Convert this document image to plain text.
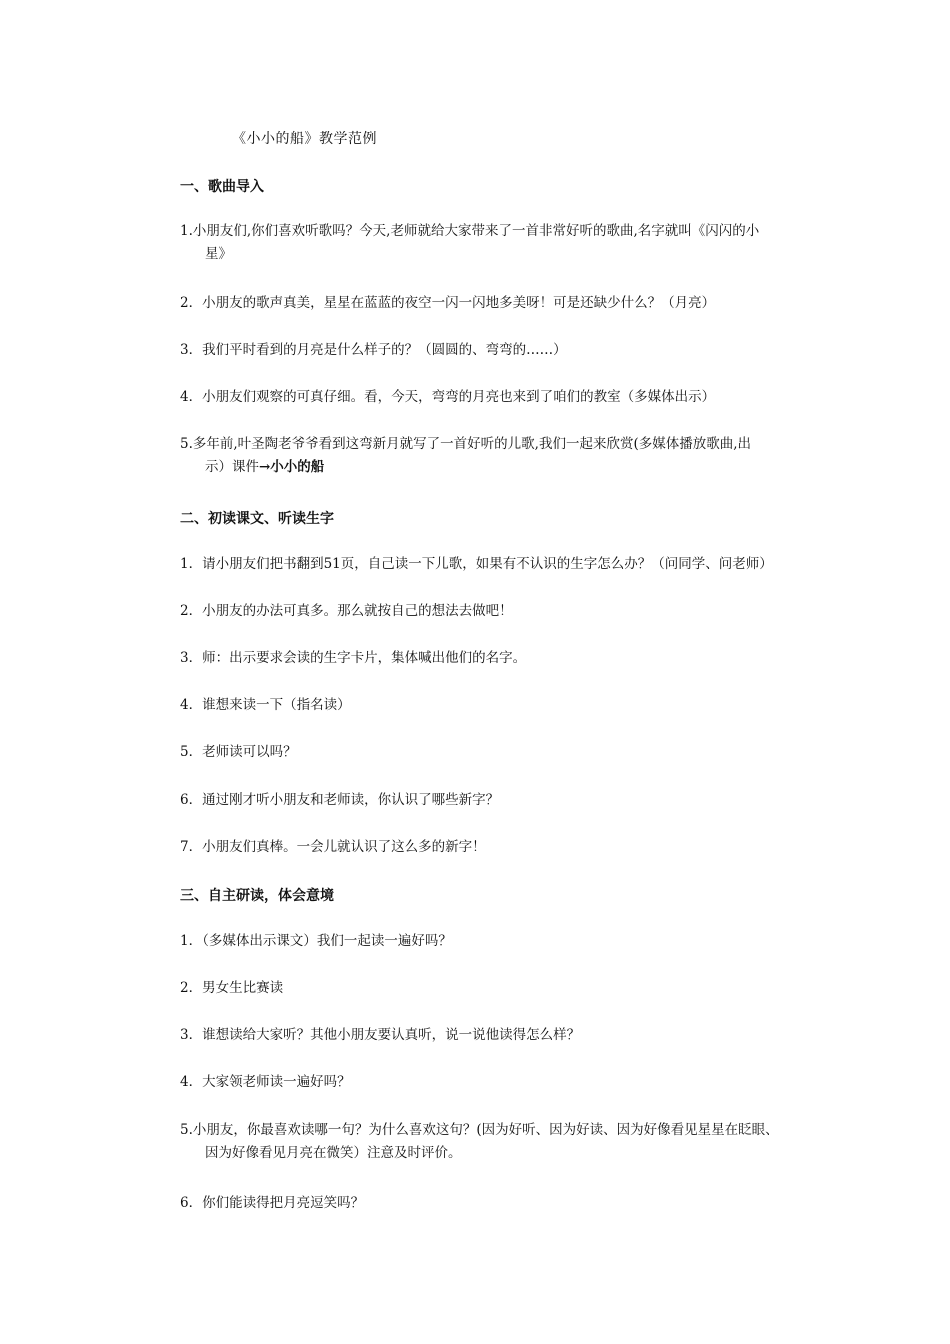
《小小的船》教学范例
一、歌曲导入
1.小朋友们,你们喜欢听歌吗？今天,老师就给大家带来了一首非常好听的歌曲,名字就叫《闪闪的小
星》
2．小朋友的歌声真美，星星在蓝蓝的夜空一闪一闪地多美呀！可是还缺少什么？（月亮）
3．我们平时看到的月亮是什么样子的？（圆圆的、弯弯的……）
4．小朋友们观察的可真仔细。看，今天，弯弯的月亮也来到了咱们的教室（多媒体出示）
5.多年前,叶圣陶老爷爷看到这弯新月就写了一首好听的儿歌,我们一起来欣赏(多媒体播放歌曲,出
示）课件→小小的船
二、初读课文、听读生字
1．请小朋友们把书翻到51页，自己读一下儿歌，如果有不认识的生字怎么办？（问同学、问老师）
2．小朋友的办法可真多。那么就按自己的想法去做吧！
3．师：出示要求会读的生字卡片，集体喊出他们的名字。
4．谁想来读一下（指名读）
5．老师读可以吗？
6．通过刚才听小朋友和老师读，你认识了哪些新字？
7．小朋友们真棒。一会儿就认识了这么多的新字！
三、自主研读，体会意境
1．（多媒体出示课文）我们一起读一遍好吗？
2．男女生比赛读
3．谁想读给大家听？其他小朋友要认真听，说一说他读得怎么样？
4．大家领老师读一遍好吗？
5.小朋友，你最喜欢读哪一句？为什么喜欢这句？(因为好听、因为好读、因为好像看见星星在眨眼、
因为好像看见月亮在微笑）注意及时评价。
6．你们能读得把月亮逗笑吗？
